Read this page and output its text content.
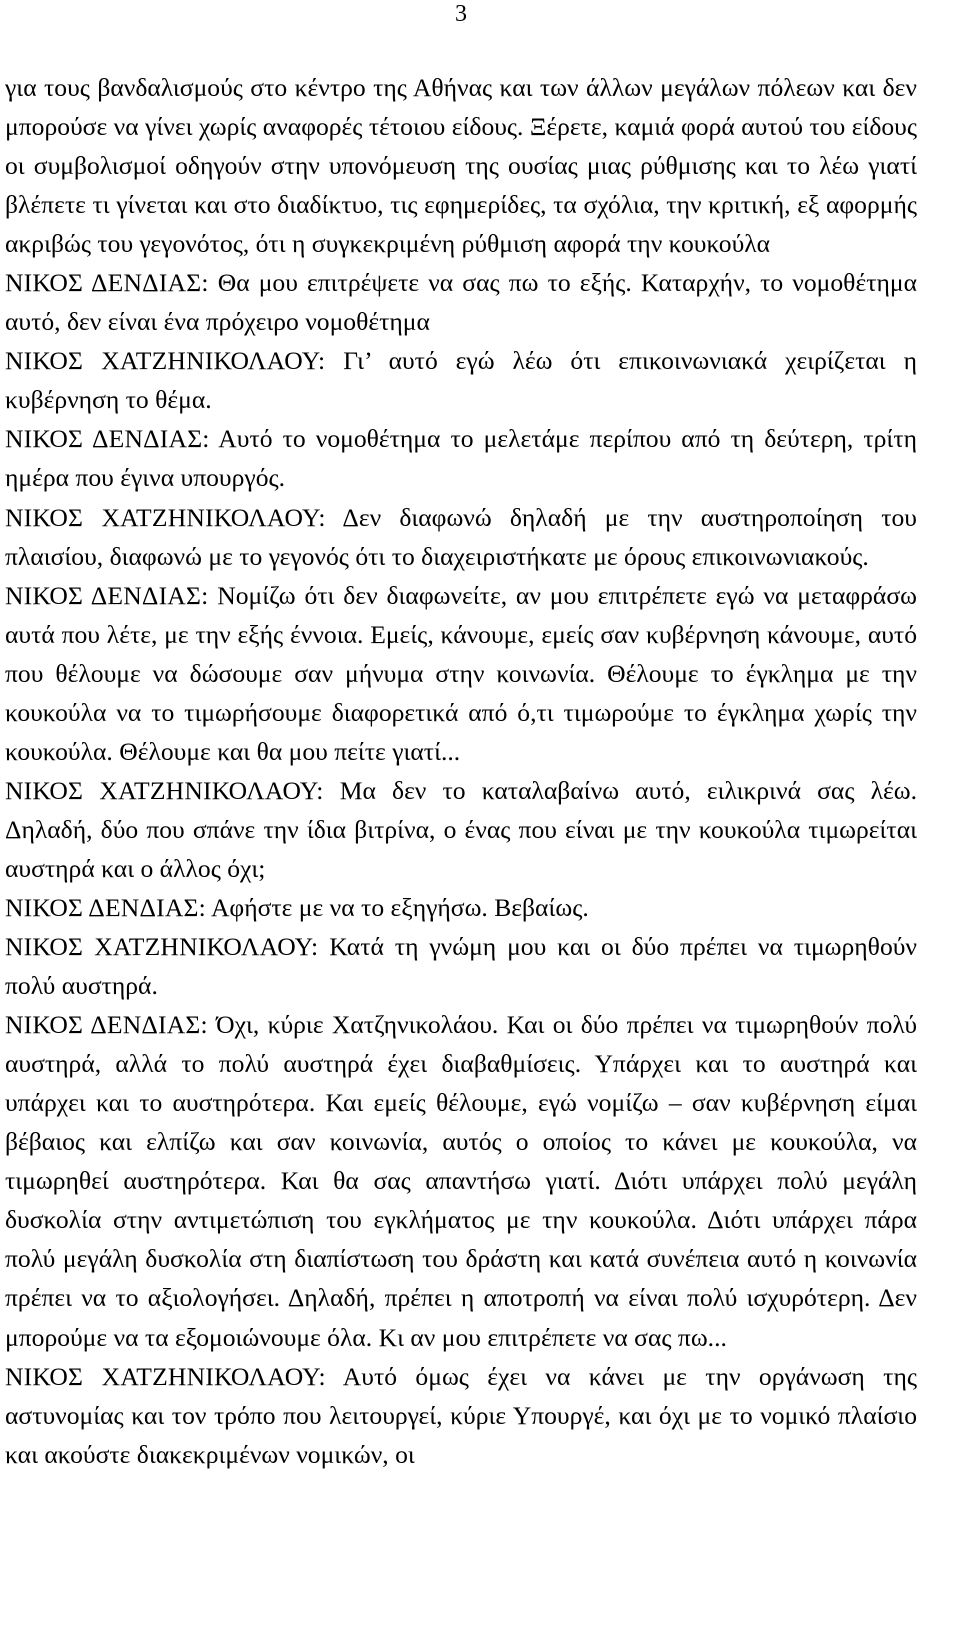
3

για τους βανδαλισμούς στο κέντρο της Αθήνας και των άλλων μεγάλων πόλεων και δεν μπορούσε να γίνει χωρίς αναφορές τέτοιου είδους. Ξέρετε, καμιά φορά αυτού του είδους οι συμβολισμοί οδηγούν στην υπονόμευση της ουσίας μιας ρύθμισης και το λέω γιατί βλέπετε τι γίνεται και στο διαδίκτυο, τις εφημερίδες, τα σχόλια, την κριτική, εξ αφορμής ακριβώς του γεγονότος, ότι η συγκεκριμένη ρύθμιση αφορά την κουκούλα

ΝΙΚΟΣ ΔΕΝΔΙΑΣ: Θα μου επιτρέψετε να σας πω το εξής. Καταρχήν, το νομοθέτημα αυτό, δεν είναι ένα πρόχειρο νομοθέτημα

ΝΙΚΟΣ ΧΑΤΖΗΝΙΚΟΛΑΟΥ: Γι’ αυτό εγώ λέω ότι επικοινωνιακά χειρίζεται η κυβέρνηση το θέμα.

ΝΙΚΟΣ ΔΕΝΔΙΑΣ: Αυτό το νομοθέτημα το μελετάμε περίπου από τη δεύτερη, τρίτη ημέρα που έγινα υπουργός.

ΝΙΚΟΣ ΧΑΤΖΗΝΙΚΟΛΑΟΥ: Δεν διαφωνώ δηλαδή με την αυστηροποίηση του πλαισίου, διαφωνώ με το γεγονός ότι το διαχειριστήκατε με όρους επικοινωνιακούς.

ΝΙΚΟΣ ΔΕΝΔΙΑΣ: Νομίζω ότι δεν διαφωνείτε, αν μου επιτρέπετε εγώ να μεταφράσω αυτά που λέτε, με την εξής έννοια. Εμείς, κάνουμε, εμείς σαν κυβέρνηση κάνουμε, αυτό που θέλουμε να δώσουμε σαν μήνυμα στην κοινωνία. Θέλουμε το έγκλημα με την κουκούλα να το τιμωρήσουμε διαφορετικά από ό,τι τιμωρούμε το έγκλημα χωρίς την κουκούλα. Θέλουμε και θα μου πείτε γιατί...

ΝΙΚΟΣ ΧΑΤΖΗΝΙΚΟΛΑΟΥ: Μα δεν το καταλαβαίνω αυτό, ειλικρινά σας λέω. Δηλαδή, δύο που σπάνε την ίδια βιτρίνα, ο ένας που είναι με την κουκούλα τιμωρείται αυστηρά και ο άλλος όχι;

ΝΙΚΟΣ ΔΕΝΔΙΑΣ: Αφήστε με να το εξηγήσω. Βεβαίως.

ΝΙΚΟΣ ΧΑΤΖΗΝΙΚΟΛΑΟΥ: Κατά τη γνώμη μου και οι δύο πρέπει να τιμωρηθούν πολύ αυστηρά.

ΝΙΚΟΣ ΔΕΝΔΙΑΣ: Όχι, κύριε Χατζηνικολάου. Και οι δύο πρέπει να τιμωρηθούν πολύ αυστηρά, αλλά το πολύ αυστηρά έχει διαβαθμίσεις. Υπάρχει και το αυστηρά και υπάρχει και το αυστηρότερα. Και εμείς θέλουμε, εγώ νομίζω – σαν κυβέρνηση είμαι βέβαιος και ελπίζω και σαν κοινωνία, αυτός ο οποίος το κάνει με κουκούλα, να τιμωρηθεί αυστηρότερα. Και θα σας απαντήσω γιατί. Διότι υπάρχει πολύ μεγάλη δυσκολία στην αντιμετώπιση του εγκλήματος με την κουκούλα. Διότι υπάρχει πάρα πολύ μεγάλη δυσκολία στη διαπίστωση του δράστη και κατά συνέπεια αυτό η κοινωνία πρέπει να το αξιολογήσει. Δηλαδή, πρέπει η αποτροπή να είναι πολύ ισχυρότερη. Δεν μπορούμε να τα εξομοιώνουμε όλα. Κι αν μου επιτρέπετε να σας πω...

ΝΙΚΟΣ ΧΑΤΖΗΝΙΚΟΛΑΟΥ: Αυτό όμως έχει να κάνει με την οργάνωση της αστυνομίας και τον τρόπο που λειτουργεί, κύριε Υπουργέ, και όχι με το νομικό πλαίσιο και ακούστε διακεκριμένων νομικών, οι
